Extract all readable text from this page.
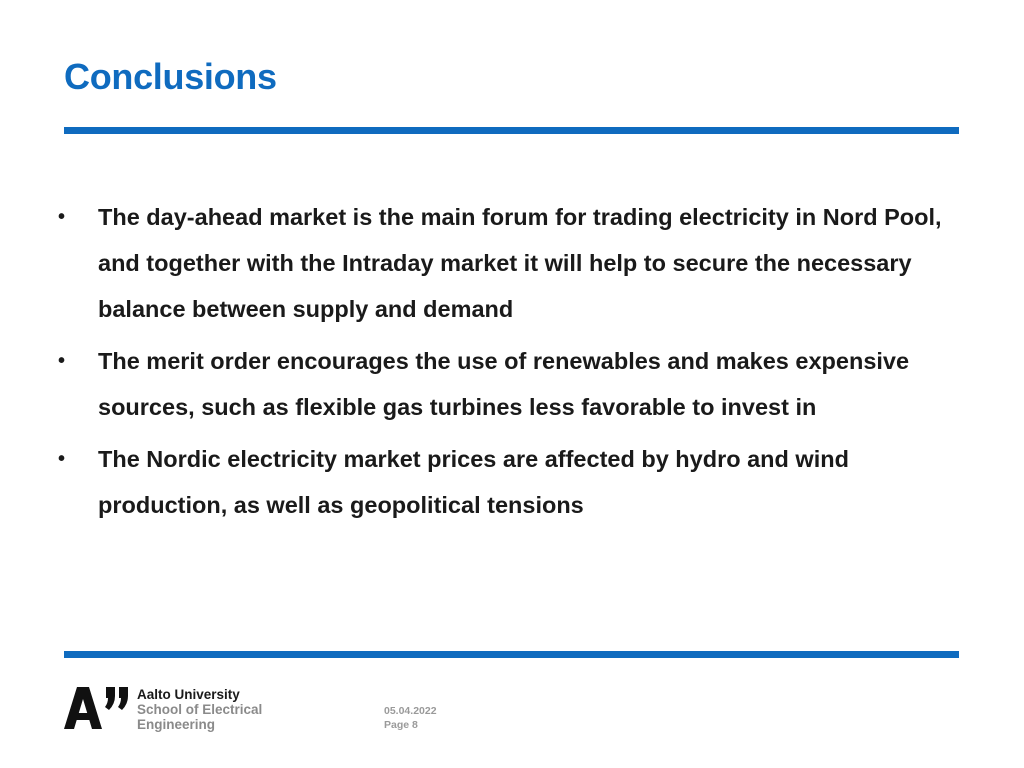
Conclusions
• The day-ahead market is the main forum for trading electricity in Nord Pool, and together with the Intraday market it will help to secure the necessary balance between supply and demand
• The merit order encourages the use of renewables and makes expensive sources, such as flexible gas turbines less favorable to invest in
• The Nordic electricity market prices are affected by hydro and wind production, as well as geopolitical tensions
Aalto University
School of Electrical
Engineering
05.04.2022
Page 8
